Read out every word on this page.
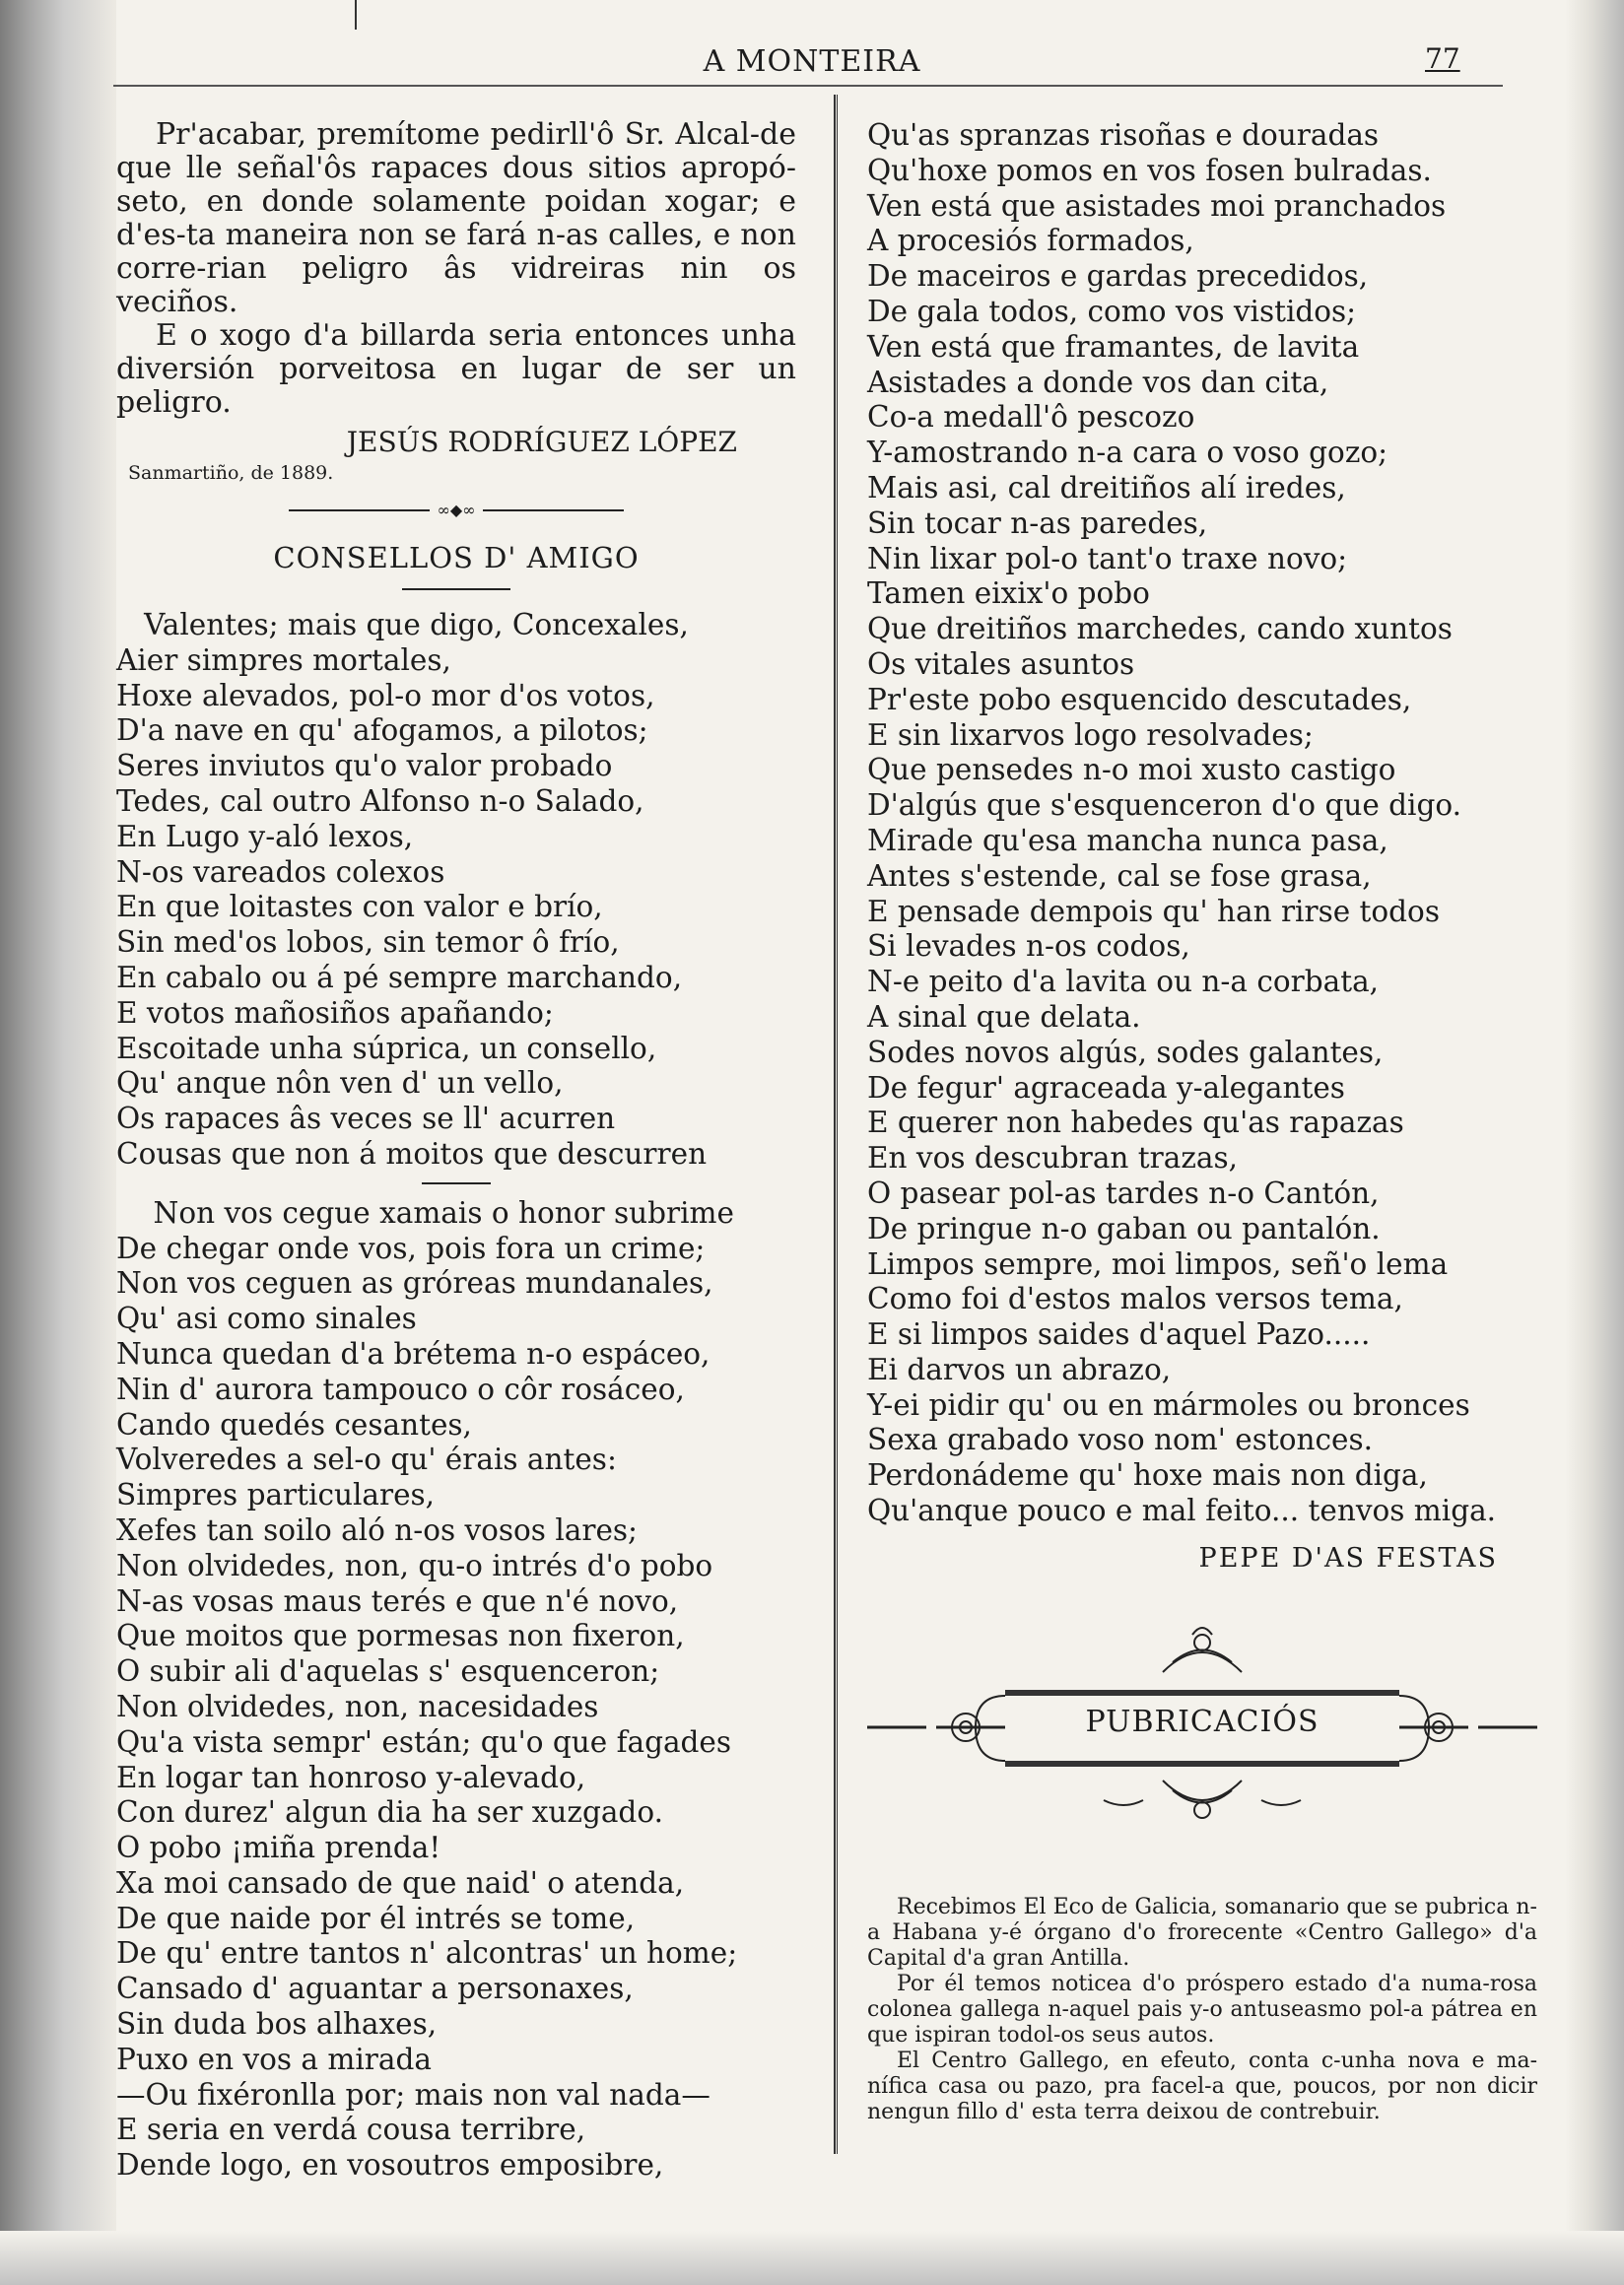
A MONTEIRA	77

Pr'acabar, premítome pedirll'ô Sr. Alcal-de que lle señal'ôs rapaces dous sitios apropó-seto, en donde solamente poidan xogar; e d'es-ta maneira non se fará n-as calles, e non corre-rian peligro âs vidreiras nin os veciños.

E o xogo d'a billarda seria entonces unha diversión porveitosa en lugar de ser un peligro.

JESÚS RODRÍGUEZ LÓPEZ
Sanmartiño, de 1889.
∞◆∞
CONSELLOS D' AMIGO
Valentes; mais que digo, Concexales,
Aier simpres mortales,
Hoxe alevados, pol-o mor d'os votos,
D'a nave en qu' afogamos, a pilotos;
Seres inviutos qu'o valor probado
Tedes, cal outro Alfonso n-o Salado,
En Lugo y-aló lexos,
N-os vareados colexos
En que loitastes con valor e brío,
Sin med'os lobos, sin temor ô frío,
En cabalo ou á pé sempre marchando,
E votos mañosiños apañando;
Escoitade unha súprica, un consello,
Qu' anque nôn ven d' un vello,
Os rapaces âs veces se ll' acurren
Cousas que non á moitos que descurren
Non vos cegue xamais o honor subrime
De chegar onde vos, pois fora un crime;
Non vos ceguen as gróreas mundanales,
Qu' asi como sinales
Nunca quedan d'a brétema n-o espáceo,
Nin d' aurora tampouco o côr rosáceo,
Cando quedés cesantes,
Volveredes a sel-o qu' érais antes:
Simpres particulares,
Xefes tan soilo aló n-os vosos lares;
Non olvidedes, non, qu-o intrés d'o pobo
N-as vosas maus terés e que n'é novo,
Que moitos que pormesas non fixeron,
O subir ali d'aquelas s' esquenceron;
Non olvidedes, non, nacesidades
Qu'a vista sempr' están; qu'o que fagades
En logar tan honroso y-alevado,
Con durez' algun dia ha ser xuzgado.
O pobo ¡miña prenda!
Xa moi cansado de que naid' o atenda,
De que naide por él intrés se tome,
De qu' entre tantos n' alcontras' un home;
Cansado d' aguantar a personaxes,
Sin duda bos alhaxes,
Puxo en vos a mirada
—Ou fixéronlla por; mais non val nada—
E seria en verdá cousa terribre,
Dende logo, en vosoutros emposibre,
Qu'as spranzas risoñas e douradas
Qu'hoxe pomos en vos fosen bulradas.
Ven está que asistades moi pranchados
A procesiós formados,
De maceiros e gardas precedidos,
De gala todos, como vos vistidos;
Ven está que framantes, de lavita
Asistades a donde vos dan cita,
Co-a medall'ô pescozo
Y-amostrando n-a cara o voso gozo;
Mais asi, cal dreitiños alí iredes,
Sin tocar n-as paredes,
Nin lixar pol-o tant'o traxe novo;
Tamen eixix'o pobo
Que dreitiños marchedes, cando xuntos
Os vitales asuntos
Pr'este pobo esquencido descutades,
E sin lixarvos logo resolvades;
Que pensedes n-o moi xusto castigo
D'algús que s'esquenceron d'o que digo.
Mirade qu'esa mancha nunca pasa,
Antes s'estende, cal se fose grasa,
E pensade dempois qu' han rirse todos
Si levades n-os codos,
N-e peito d'a lavita ou n-a corbata,
A sinal que delata.
Sodes novos algús, sodes galantes,
De fegur' agraceada y-alegantes
E querer non habedes qu'as rapazas
En vos descubran trazas,
O pasear pol-as tardes n-o Cantón,
De pringue n-o gaban ou pantalón.
Limpos sempre, moi limpos, señ'o lema
Como foi d'estos malos versos tema,
E si limpos saides d'aquel Pazo.....
Ei darvos un abrazo,
Y-ei pidir qu' ou en mármoles ou bronces
Sexa grabado voso nom' estonces.
Perdonádeme qu' hoxe mais non diga,
Qu'anque pouco e mal feito... tenvos miga.
PEPE D'AS FESTAS
PUBRICACIÓS

Recebimos El Eco de Galicia, somanario que se pubrica n-a Habana y-é órgano d'o frorecente «Centro Gallego» d'a Capital d'a gran Antilla.

Por él temos noticea d'o próspero estado d'a numa-rosa colonea gallega n-aquel pais y-o antuseasmo pol-a pátrea en que ispiran todol-os seus autos.

El Centro Gallego, en efeuto, conta c-unha nova e ma-nífica casa ou pazo, pra facel-a que, poucos, por non dicir nengun fillo d' esta terra deixou de contrebuir.
